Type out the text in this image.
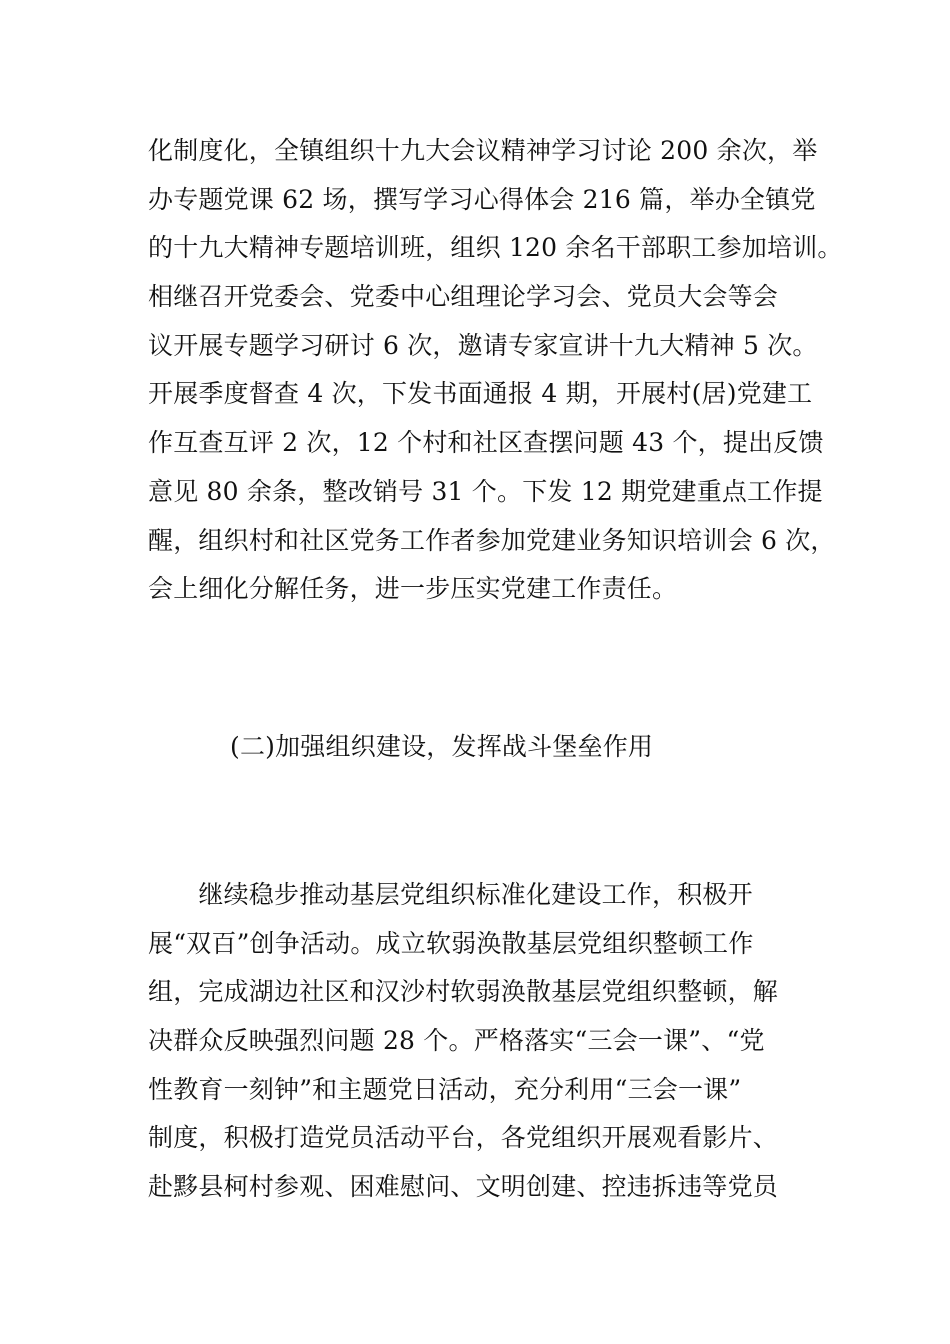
化制度化，全镇组织十九大会议精神学习讨论 200 余次，举
办专题党课 62 场，撰写学习心得体会 216 篇，举办全镇党
的十九大精神专题培训班，组织 120 余名干部职工参加培训。
相继召开党委会、党委中心组理论学习会、党员大会等会
议开展专题学习研讨 6 次，邀请专家宣讲十九大精神 5 次。
开展季度督查 4 次，下发书面通报 4 期，开展村(居)党建工
作互查互评 2 次，12 个村和社区查摆问题 43 个，提出反馈
意见 80 余条，整改销号 31 个。下发 12 期党建重点工作提
醒，组织村和社区党务工作者参加党建业务知识培训会 6 次，
会上细化分解任务，进一步压实党建工作责任。
(二)加强组织建设，发挥战斗堡垒作用
　　继续稳步推动基层党组织标准化建设工作，积极开
展“双百”创争活动。成立软弱涣散基层党组织整顿工作
组，完成湖边社区和汉沙村软弱涣散基层党组织整顿，解
决群众反映强烈问题 28 个。严格落实“三会一课”、“党
性教育一刻钟”和主题党日活动，充分利用“三会一课”
制度，积极打造党员活动平台，各党组织开展观看影片、
赴黟县柯村参观、困难慰问、文明创建、控违拆违等党员
